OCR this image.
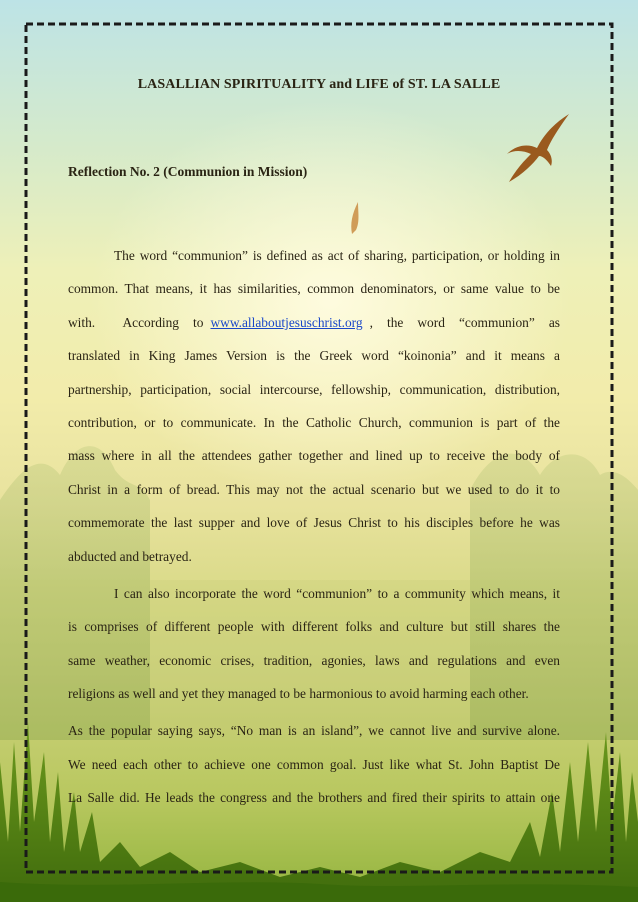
LASALLIAN SPIRITUALITY and LIFE of ST. LA SALLE
Reflection No. 2 (Communion in Mission)
The word “communion” is defined as act of sharing, participation, or holding in
common. That means, it has similarities, common denominators, or same value to be
with.    According  to www.allaboutjesuschrist.org ,  the  word  “communion”  as
translated in King James Version is the Greek word “koinonia” and it means a
partnership, participation, social intercourse, fellowship, communication, distribution,
contribution, or to communicate. In the Catholic Church, communion is part of the
mass where in all the attendees gather together and lined up to receive the body of
Christ in a form of bread. This may not the actual scenario but we used to do it to
commemorate the last supper and love of Jesus Christ to his disciples before he was
abducted and betrayed.
I can also incorporate the word “communion” to a community which means, it
is comprises of different people with different folks and culture but still shares the
same weather, economic crises, tradition, agonies, laws and regulations and even
religions as well and yet they managed to be harmonious to avoid harming each other.
As the popular saying says, “No man is an island”, we cannot live and survive alone.
We need each other to achieve one common goal. Just like what St. John Baptist De
La Salle did. He leads the congress and the brothers and fired their spirits to attain one
